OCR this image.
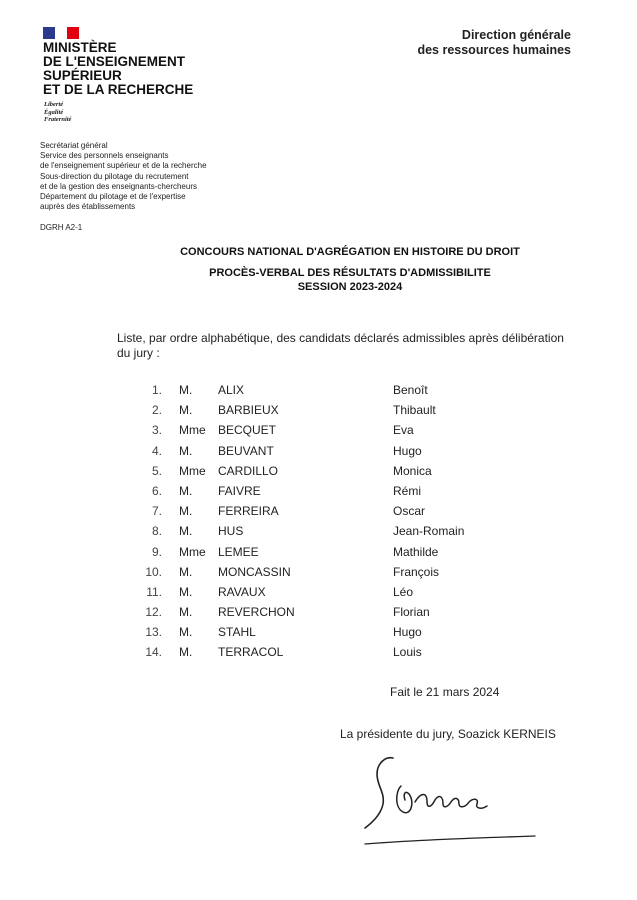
MINISTÈRE
DE L'ENSEIGNEMENT
SUPÉRIEUR
ET DE LA RECHERCHE
Liberté
Égalité
Fraternité
Direction générale
des ressources humaines
Secrétariat général
Service des personnels enseignants
de l'enseignement supérieur et de la recherche
Sous-direction du pilotage du recrutement
et de la gestion des enseignants-chercheurs
Département du pilotage et de l'expertise
auprès des établissements
DGRH A2-1
CONCOURS NATIONAL D'AGRÉGATION EN HISTOIRE DU DROIT
PROCÈS-VERBAL DES RÉSULTATS D'ADMISSIBILITE
SESSION 2023-2024
Liste, par ordre alphabétique, des candidats déclarés admissibles après délibération du jury :
1. M. ALIX	Benoît
2. M. BARBIEUX	Thibault
3. Mme BECQUET	Eva
4. M. BEUVANT	Hugo
5. Mme CARDILLO	Monica
6. M. FAIVRE	Rémi
7. M. FERREIRA	Oscar
8. M. HUS	Jean-Romain
9. Mme LEMEE	Mathilde
10. M. MONCASSIN	François
11. M. RAVAUX	Léo
12. M. REVERCHON	Florian
13. M. STAHL	Hugo
14. M. TERRACOL	Louis
Fait le 21 mars 2024
La présidente du jury, Soazick KERNEIS
